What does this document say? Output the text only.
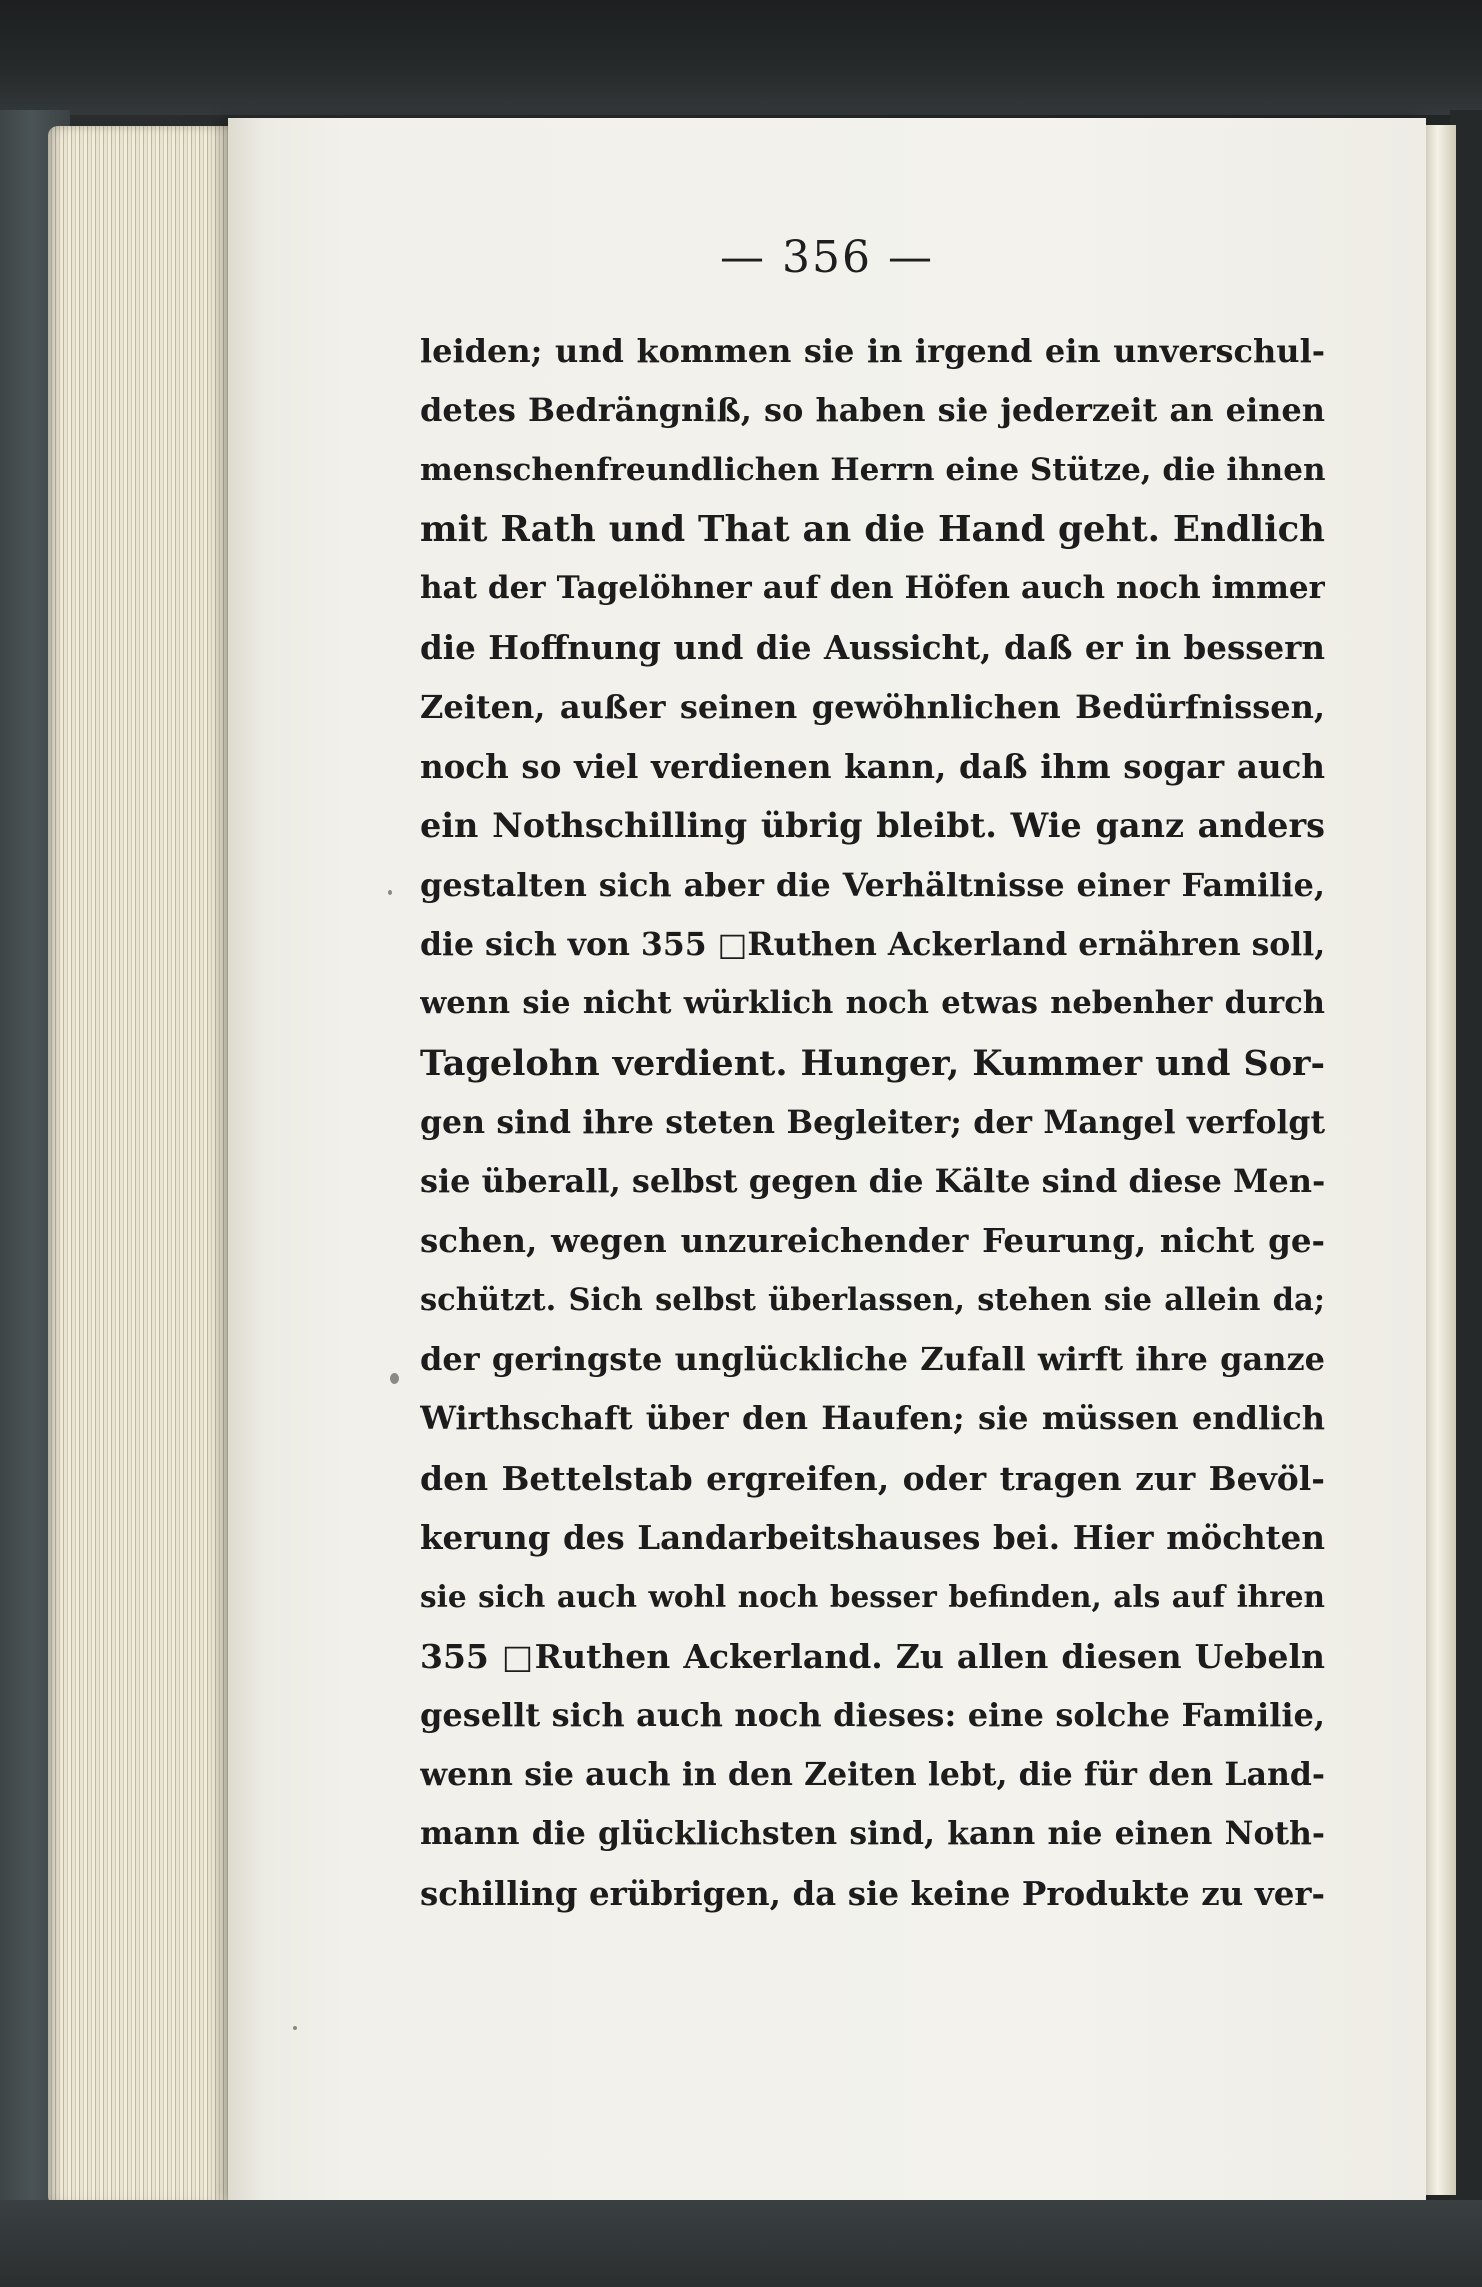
— 356 —
leiden; und kommen sie in irgend ein unverschul-
detes Bedrängniß, so haben sie jederzeit an einen
menschenfreundlichen Herrn eine Stütze, die ihnen
mit Rath und That an die Hand geht. Endlich
hat der Tagelöhner auf den Höfen auch noch immer
die Hoffnung und die Aussicht, daß er in bessern
Zeiten, außer seinen gewöhnlichen Bedürfnissen,
noch so viel verdienen kann, daß ihm sogar auch
ein Nothschilling übrig bleibt. Wie ganz anders
gestalten sich aber die Verhältnisse einer Familie,
die sich von 355 □Ruthen Ackerland ernähren soll,
wenn sie nicht würklich noch etwas nebenher durch
Tagelohn verdient. Hunger, Kummer und Sor-
gen sind ihre steten Begleiter; der Mangel verfolgt
sie überall, selbst gegen die Kälte sind diese Men-
schen, wegen unzureichender Feurung, nicht ge-
schützt. Sich selbst überlassen, stehen sie allein da;
der geringste unglückliche Zufall wirft ihre ganze
Wirthschaft über den Haufen; sie müssen endlich
den Bettelstab ergreifen, oder tragen zur Bevöl-
kerung des Landarbeitshauses bei. Hier möchten
sie sich auch wohl noch besser befinden, als auf ihren
355 □Ruthen Ackerland. Zu allen diesen Uebeln
gesellt sich auch noch dieses: eine solche Familie,
wenn sie auch in den Zeiten lebt, die für den Land-
mann die glücklichsten sind, kann nie einen Noth-
schilling erübrigen, da sie keine Produkte zu ver-
